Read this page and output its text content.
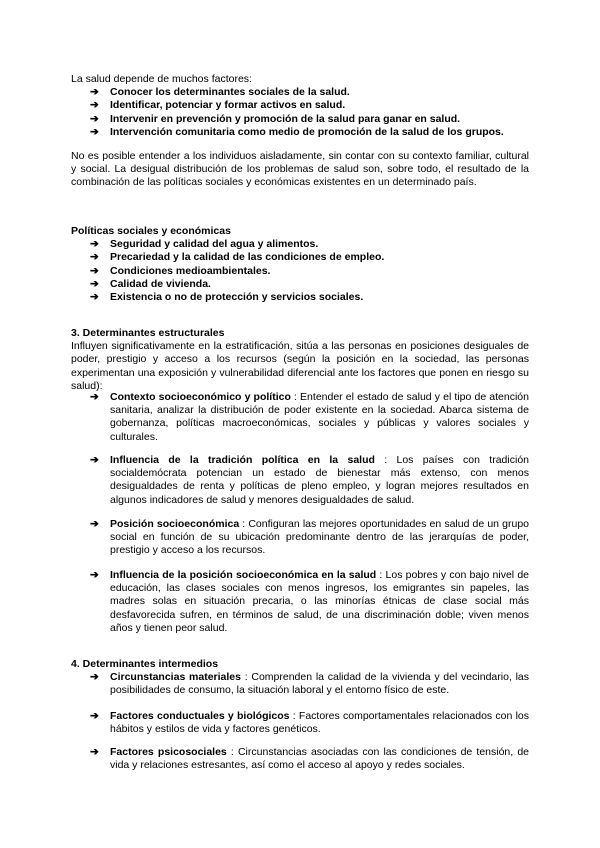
La salud depende de muchos factores:

➔ Conocer los determinantes sociales de la salud.
➔ Identificar, potenciar y formar activos en salud.
➔ Intervenir en prevención y promoción de la salud para ganar en salud.
➔ Intervención comunitaria como medio de promoción de la salud de los grupos.

No es posible entender a los individuos aisladamente, sin contar con su contexto familiar, cultural y social. La desigual distribución de los problemas de salud son, sobre todo, el resultado de la combinación de las políticas sociales y económicas existentes en un determinado país.

Políticas sociales y económicas

➔ Seguridad y calidad del agua y alimentos.
➔ Precariedad y la calidad de las condiciones de empleo.
➔ Condiciones medioambientales.
➔ Calidad de vivienda.
➔ Existencia o no de protección y servicios sociales.

3. Determinantes estructurales

Influyen significativamente en la estratificación, sitúa a las personas en posiciones desiguales de poder, prestigio y acceso a los recursos (según la posición en la sociedad, las personas experimentan una exposición y vulnerabilidad diferencial ante los factores que ponen en riesgo su salud):

➔ Contexto socioeconómico y político : Entender el estado de salud y el tipo de atención sanitaria, analizar la distribución de poder existente en la sociedad. Abarca sistema de gobernanza, políticas macroeconómicas, sociales y públicas y valores sociales y culturales.
➔ Influencia de la tradición política en la salud : Los países con tradición socialdemócrata potencian un estado de bienestar más extenso, con menos desigualdades de renta y políticas de pleno empleo, y logran mejores resultados en algunos indicadores de salud y menores desigualdades de salud.
➔ Posición socioeconómica : Configuran las mejores oportunidades en salud de un grupo social en función de su ubicación predominante dentro de las jerarquías de poder, prestigio y acceso a los recursos.
➔ Influencia de la posición socioeconómica en la salud : Los pobres y con bajo nivel de educación, las clases sociales con menos ingresos, los emigrantes sin papeles, las madres solas en situación precaria, o las minorías étnicas de clase social más desfavorecida sufren, en términos de salud, de una discriminación doble; viven menos años y tienen peor salud.

4. Determinantes intermedios

➔ Circunstancias materiales : Comprenden la calidad de la vivienda y del vecindario, las posibilidades de consumo, la situación laboral y el entorno físico de este.
➔ Factores conductuales y biológicos : Factores comportamentales relacionados con los hábitos y estilos de vida y factores genéticos.
➔ Factores psicosociales : Circunstancias asociadas con las condiciones de tensión, de vida y relaciones estresantes, así como el acceso al apoyo y redes sociales.
